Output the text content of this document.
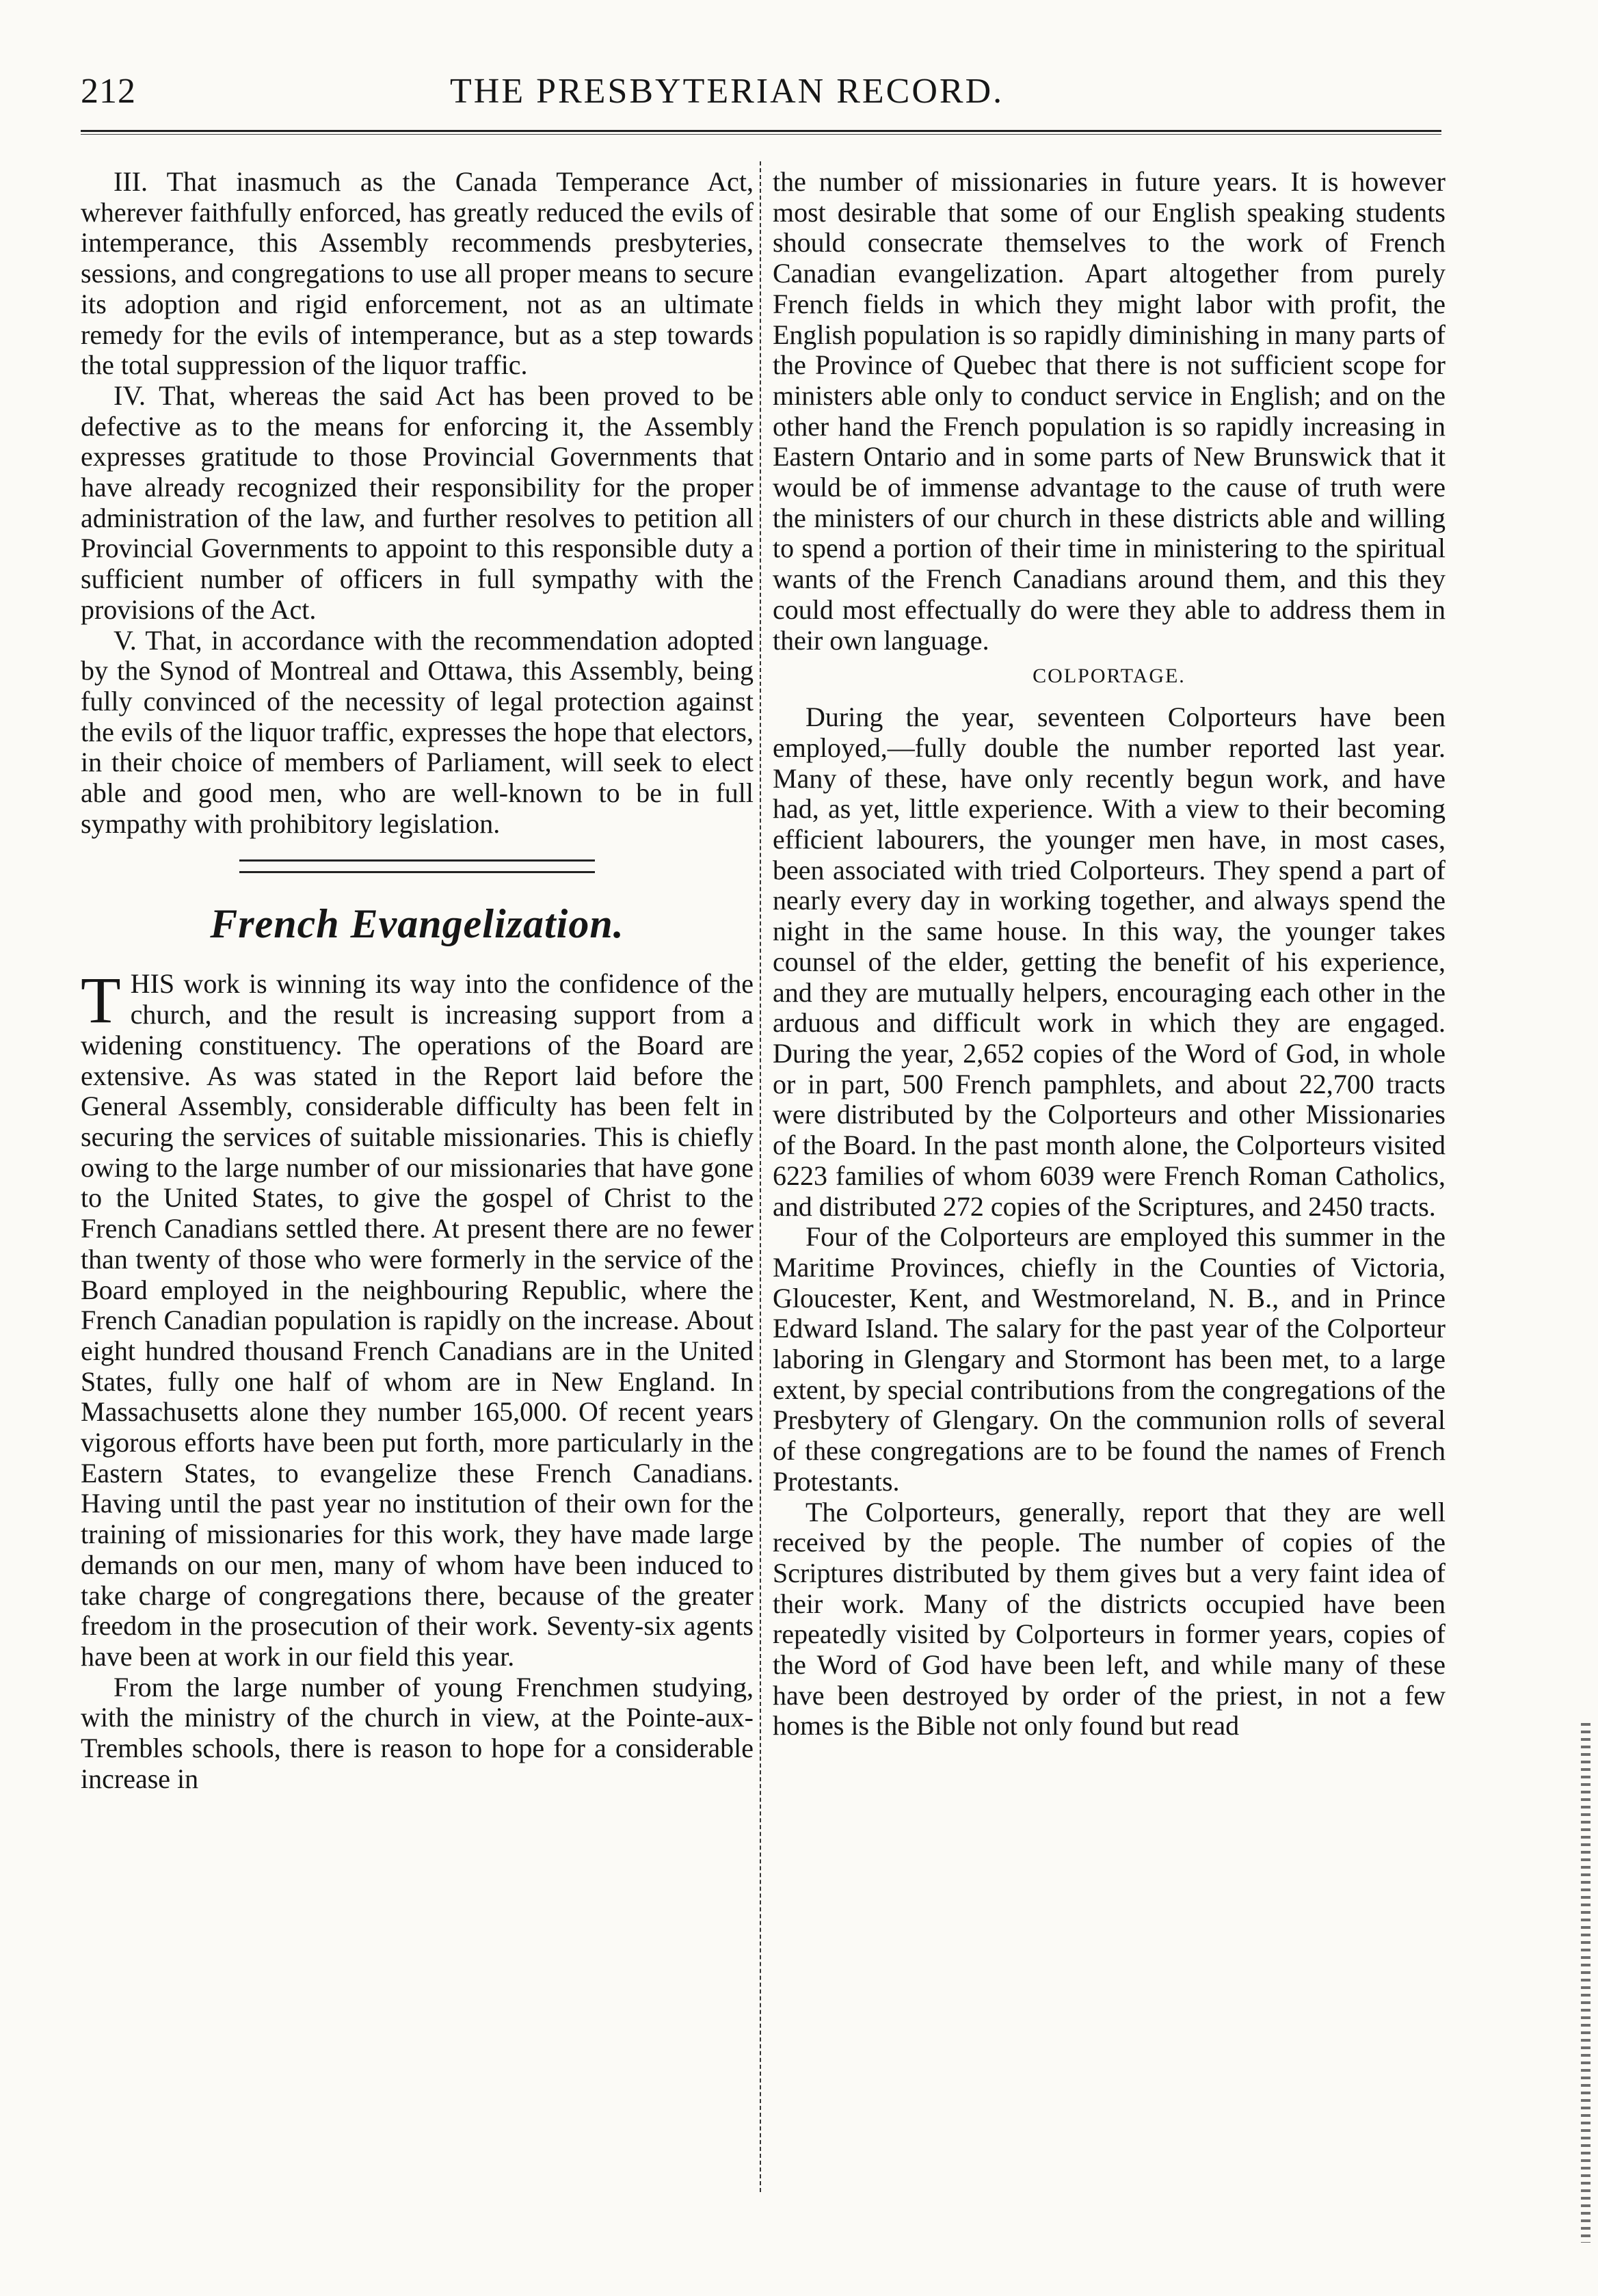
212	THE PRESBYTERIAN RECORD.

III. That inasmuch as the Canada Temperance Act, wherever faithfully enforced, has greatly reduced the evils of intemperance, this Assembly recommends presbyteries, sessions, and congregations to use all proper means to secure its adoption and rigid enforcement, not as an ultimate remedy for the evils of intemperance, but as a step towards the total suppression of the liquor traffic.

IV. That, whereas the said Act has been proved to be defective as to the means for enforcing it, the Assembly expresses gratitude to those Provincial Governments that have already recognized their responsibility for the proper administration of the law, and further resolves to petition all Provincial Governments to appoint to this responsible duty a sufficient number of officers in full sympathy with the provisions of the Act.

V. That, in accordance with the recommendation adopted by the Synod of Montreal and Ottawa, this Assembly, being fully convinced of the necessity of legal protection against the evils of the liquor traffic, expresses the hope that electors, in their choice of members of Parliament, will seek to elect able and good men, who are well-known to be in full sympathy with prohibitory legislation.

French Evangelization.

THIS work is winning its way into the confidence of the church, and the result is increasing support from a widening constituency. The operations of the Board are extensive. As was stated in the Report laid before the General Assembly, considerable difficulty has been felt in securing the services of suitable missionaries. This is chiefly owing to the large number of our missionaries that have gone to the United States, to give the gospel of Christ to the French Canadians settled there. At present there are no fewer than twenty of those who were formerly in the service of the Board employed in the neighbouring Republic, where the French Canadian population is rapidly on the increase. About eight hundred thousand French Canadians are in the United States, fully one half of whom are in New England. In Massachusetts alone they number 165,000. Of recent years vigorous efforts have been put forth, more particularly in the Eastern States, to evangelize these French Canadians. Having until the past year no institution of their own for the training of missionaries for this work, they have made large demands on our men, many of whom have been induced to take charge of congregations there, because of the greater freedom in the prosecution of their work. Seventy-six agents have been at work in our field this year.

From the large number of young Frenchmen studying, with the ministry of the church in view, at the Pointe-aux-Trembles schools, there is reason to hope for a considerable increase in

the number of missionaries in future years. It is however most desirable that some of our English speaking students should consecrate themselves to the work of French Canadian evangelization. Apart altogether from purely French fields in which they might labor with profit, the English population is so rapidly diminishing in many parts of the Province of Quebec that there is not sufficient scope for ministers able only to conduct service in English; and on the other hand the French population is so rapidly increasing in Eastern Ontario and in some parts of New Brunswick that it would be of immense advantage to the cause of truth were the ministers of our church in these districts able and willing to spend a portion of their time in ministering to the spiritual wants of the French Canadians around them, and this they could most effectually do were they able to address them in their own language.

COLPORTAGE.

During the year, seventeen Colporteurs have been employed,—fully double the number reported last year. Many of these, have only recently begun work, and have had, as yet, little experience. With a view to their becoming efficient labourers, the younger men have, in most cases, been associated with tried Colporteurs. They spend a part of nearly every day in working together, and always spend the night in the same house. In this way, the younger takes counsel of the elder, getting the benefit of his experience, and they are mutually helpers, encouraging each other in the arduous and difficult work in which they are engaged. During the year, 2,652 copies of the Word of God, in whole or in part, 500 French pamphlets, and about 22,700 tracts were distributed by the Colporteurs and other Missionaries of the Board. In the past month alone, the Colporteurs visited 6223 families of whom 6039 were French Roman Catholics, and distributed 272 copies of the Scriptures, and 2450 tracts.

Four of the Colporteurs are employed this summer in the Maritime Provinces, chiefly in the Counties of Victoria, Gloucester, Kent, and Westmoreland, N. B., and in Prince Edward Island. The salary for the past year of the Colporteur laboring in Glengary and Stormont has been met, to a large extent, by special contributions from the congregations of the Presbytery of Glengary. On the communion rolls of several of these congregations are to be found the names of French Protestants.

The Colporteurs, generally, report that they are well received by the people. The number of copies of the Scriptures distributed by them gives but a very faint idea of their work. Many of the districts occupied have been repeatedly visited by Colporteurs in former years, copies of the Word of God have been left, and while many of these have been destroyed by order of the priest, in not a few homes is the Bible not only found but read
